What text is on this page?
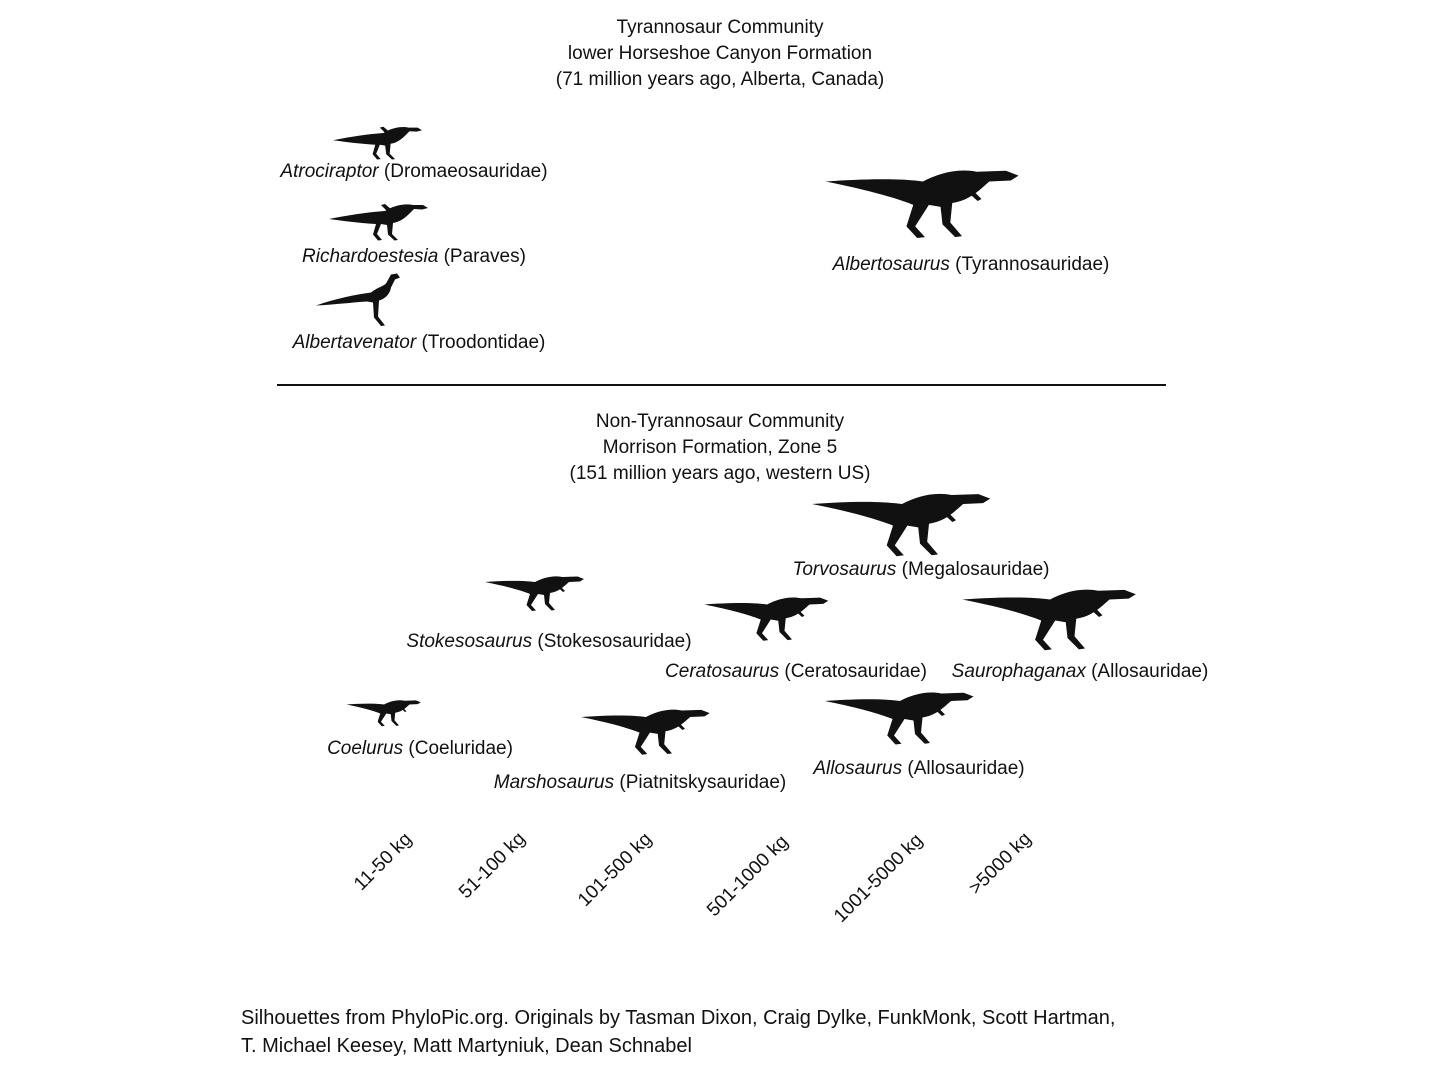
Tyrannosaur Community
lower Horseshoe Canyon Formation
(71 million years ago, Alberta, Canada)
Atrociraptor (Dromaeosauridae)
Richardoestesia (Paraves)
Albertavenator (Troodontidae)
Albertosaurus (Tyrannosauridae)
Non-Tyrannosaur Community
Morrison Formation, Zone 5
(151 million years ago, western US)
Torvosaurus (Megalosauridae)
Stokesosaurus (Stokesosauridae)
Ceratosaurus (Ceratosauridae) Saurophaganax (Allosauridae)
Coelurus (Coeluridae)
Marshosaurus (Piatnitskysauridae)
Allosaurus (Allosauridae)
11-50 kg 51-100 kg 101-500 kg 501-1000 kg 1001-5000 kg >5000 kg
Silhouettes from PhyloPic.org. Originals by Tasman Dixon, Craig Dylke, FunkMonk, Scott Hartman,
T. Michael Keesey, Matt Martyniuk, Dean Schnabel
